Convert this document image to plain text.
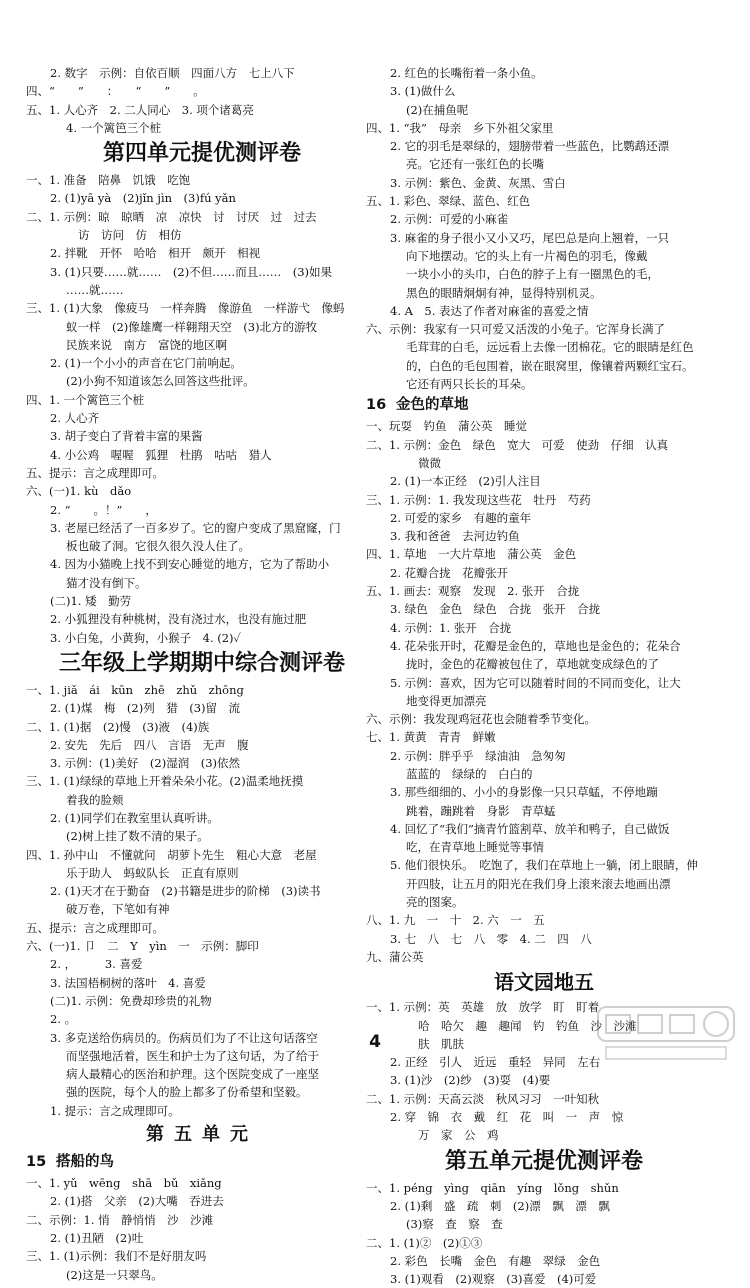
2. 数字　示例：自依百顺　四面八方　七上八下
四、“　　”　　：　　“　　”　　。
五、1. 人心齐　2. 二人同心　3. 项个诸葛亮
4. 一个篱笆三个桩
第四单元提优测评卷
一、1. 准备　陪鼻　饥饿　吃饱
2. (1)yā yà　(2)jǐn jìn　(3)fú yǎn
二、1. 示例：晾　晾晒　凉　凉快　讨　讨厌　过　过去
访　访问　仿　相仿
2. 拌靴　开怀　哈哈　相开　颇开　相视
3. (1)只要……就……　(2)不但……而且……　(3)如果
……就……
三、1. (1)大象　像疲马　一样奔腾　像游鱼　一样游弋　像蚂
蚁一样　(2)像雄鹰一样翱翔天空　(3)北方的游牧
民族来说　南方　富饶的地区啊
2. (1)一个小小的声音在它门前响起。
(2)小狗不知道该怎么回答这些批评。
四、1. 一个篱笆三个桩
2. 人心齐
3. 胡子变白了背着丰富的果酱
4. 小公鸡　喔喔　狐狸　杜鹃　咕咕　猎人
五、提示：言之成理即可。
六、(一)1. kù　dǎo
2. “　　。！”　　，
3. 老屋已经活了一百多岁了。它的窗户变成了黑窟窿，门
板也破了洞。它很久很久没人住了。
4. 因为小猫晚上找不到安心睡觉的地方，它为了帮助小
猫才没有倒下。
(二)1. 矮　勤劳
2. 小狐狸没有种桃树，没有浇过水，也没有施过肥
3. 小白兔，小黄狗，小猴子　4. (2)✓
三年级上学期期中综合测评卷
一、1. jiǎ　ái　kūn　zhē　zhǔ　zhōng
2. (1)煤　梅　(2)列　猎　(3)留　流
二、1. (1)据　(2)慢　(3)液　(4)族
2. 安先　先后　四八　言语　无声　腹
3. 示例：(1)美好　(2)湿润　(3)依然
三、1. (1)绿绿的草地上开着朵朵小花。(2)温柔地抚摸
着我的脸颊
2. (1)同学们在教室里认真听讲。
(2)树上挂了数不清的果子。
四、1. 孙中山　不懂就问　胡萝卜先生　粗心大意　老屋
乐于助人　蚂蚁队长　正直有原则
2. (1)天才在于勤奋　(2)书籍是进步的阶梯　(3)读书
破万卷，下笔如有神
五、提示：言之成理即可。
六、(一)1. 卩　二　Y　yìn　一　示例：脚印
2. ，　　　3. 喜爱
3. 法国梧桐树的落叶　4. 喜爱
(二)1. 示例：免费却珍贵的礼物
2. 。
3. 多克送给伤病员的。伤病员们为了不让这句话落空
而坚强地活着，医生和护士为了这句话，为了给于
病人最精心的医治和护理。这个医院变成了一座坚
强的医院，每个人的脸上都多了份希望和坚毅。
1. 提示：言之成理即可。
第五单元
15 搭船的鸟
一、1. yǔ　wēng　shā　bǔ　xiǎng
2. (1)搭　父亲　(2)大嘴　吞进去
二、示例：1. 悄　静悄悄　沙　沙滩
2. (1)丑陋　(2)吐
三、1. (1)示例：我们不是好朋友吗
(2)这是一只翠鸟。
2. 红色的长嘴衔着一条小鱼。
3. (1)做什么
(2)在捕鱼呢
四、1. “我”　母亲　乡下外祖父家里
2. 它的羽毛是翠绿的，翅膀带着一些蓝色，比鹦鹉还漂
亮。它还有一张红色的长嘴
3. 示例：紫色、金黄、灰黑、雪白
五、1. 彩色、翠绿、蓝色、红色
2. 示例：可爱的小麻雀
3. 麻雀的身子很小又小又巧，尾巴总是向上翘着，一只
向下地摆动。它的头上有一片褐色的羽毛，像戴
一块小小的头巾，白色的脖子上有一圈黑色的毛，
黑色的眼睛炯炯有神，显得特别机灵。
4. A　5. 表达了作者对麻雀的喜爱之情
六、示例：我家有一只可爱又活泼的小兔子。它浑身长满了
毛茸茸的白毛，远远看上去像一团棉花。它的眼睛是红色
的，白色的毛包围着，嵌在眼窝里，像镶着两颗红宝石。
它还有两只长长的耳朵。
16 金色的草地
一、玩耍　钓鱼　蒲公英　睡觉
二、1. 示例：金色　绿色　宽大　可爱　使劲　仔细　认真
微微
2. (1)一本正经　(2)引人注目
三、1. 示例：1. 我发现这些花　牡丹　芍药
2. 可爱的家乡　有趣的童年
3. 我和爸爸　去河边钓鱼
四、1. 草地　一大片草地　蒲公英　金色
2. 花瓣合拢　花瓣张开
五、1. 画去：观察　发现　2. 张开　合拢
3. 绿色　金色　绿色　合拢　张开　合拢
4. 示例：1. 张开　合拢
4. 花朵张开时，花瓣是金色的，草地也是金色的；花朵合
拢时，金色的花瓣被包住了，草地就变成绿色的了
5. 示例：喜欢，因为它可以随着时间的不同而变化，让大
地变得更加漂亮
六、示例：我发现鸡冠花也会随着季节变化。
七、1. 黄黄　青青　鲜嫩
2. 示例：胖乎乎　绿油油　急匆匆
蓝蓝的　绿绿的　白白的
3. 那些细细的、小小的身影像一只只草蜢，不停地蹦
跳着，蹦跳着　身影　青草蜢
4. 回忆了“我们”摘青竹篮割草、放羊和鸭子，自己做饭
吃，在青草地上睡觉等事情
5. 他们很快乐。　吃饱了，我们在草地上一躺，闭上眼睛，伸
开四肢，让五月的阳光在我们身上滚来滚去地画出漂
亮的图案。
八、1. 九　一　十　2. 六　一　五
3. 七　八　七　八　零　4. 二　四　八
九、蒲公英
语文园地五
一、1. 示例：英　英雄　放　放学　盯　盯着
哈　哈欠　趣　趣闻　钓　钓鱼　沙　沙滩
肤　肌肤
2. 正经　引人　近远　重轻　异同　左右
3. (1)沙　(2)纱　(3)耍　(4)要
二、1. 示例：天高云淡　秋风习习　一叶知秋
2. 穿　锦　衣　戴　红　花　叫　一　声　惊
万　家　公　鸡
第五单元提优测评卷
一、1. péng　yìng　qiān　yíng　lǒng　shǔn
2. (1)剩　盛　疏　刺　(2)漂　飘　漂　飘
(3)察　查　察　查
二、1. (1)②　(2)①③
2. 彩色　长嘴　金色　有趣　翠绿　金色
3. (1)观看　(2)观察　(3)喜爱　(4)可爱
4
